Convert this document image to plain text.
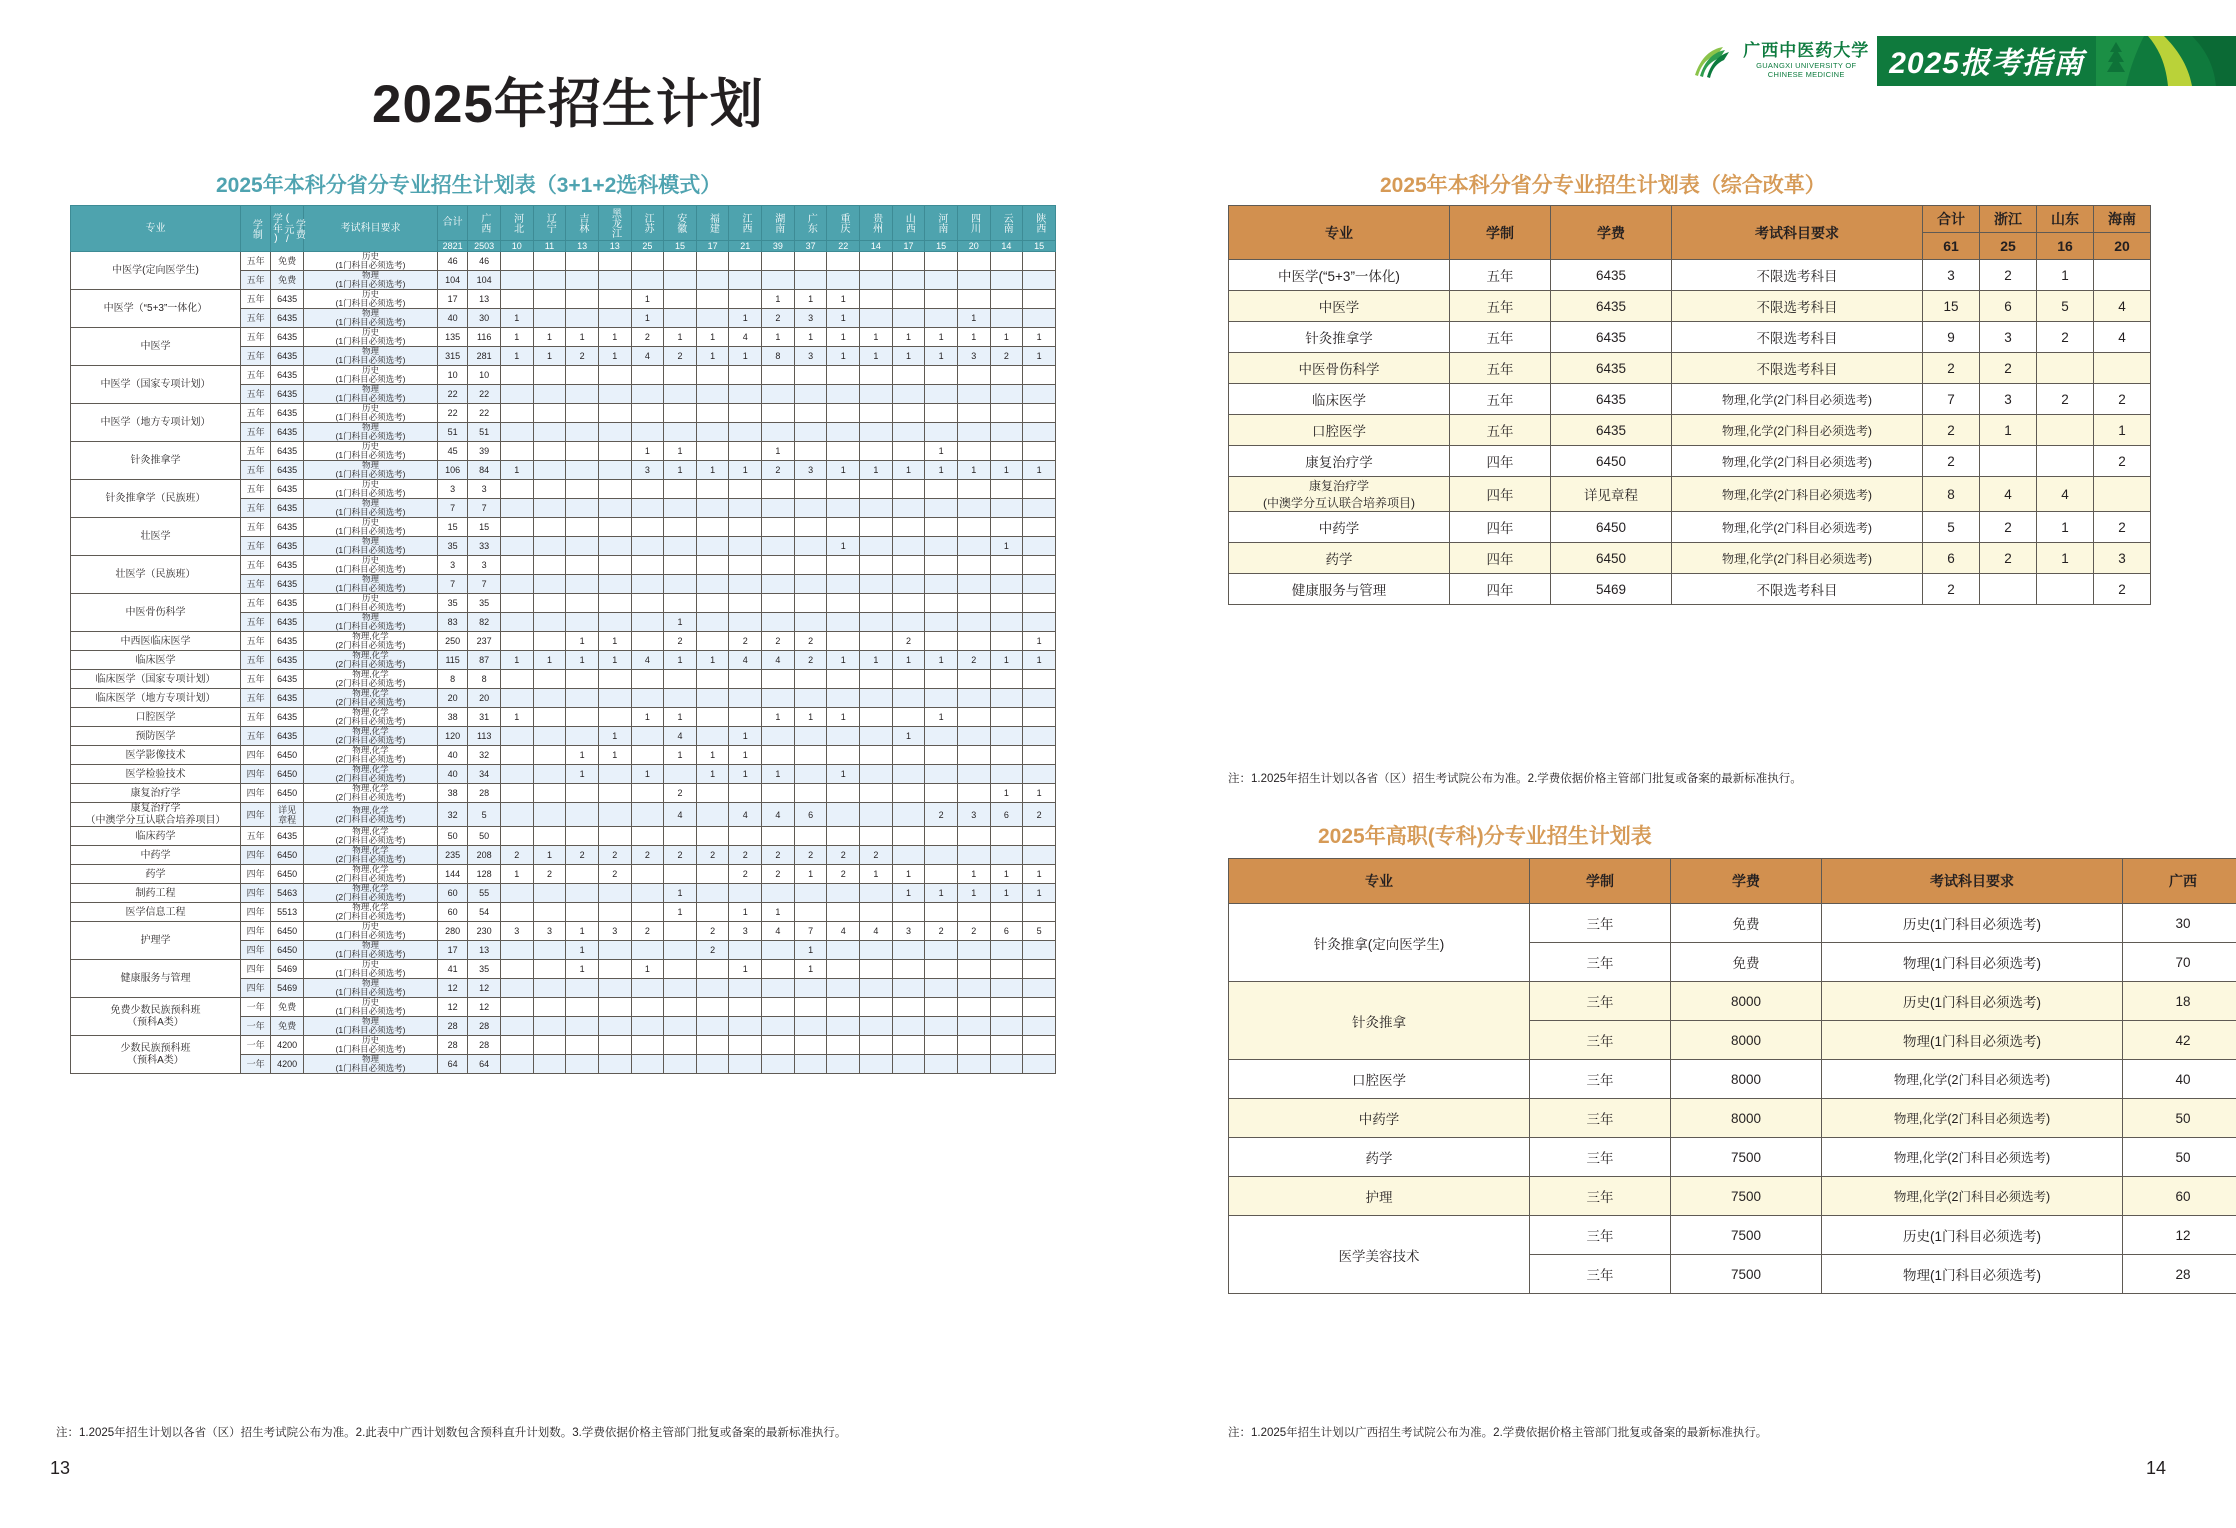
广西中医药大学
GUANGXI UNIVERSITY OF
CHINESE MEDICINE	2025报考指南
2025年招生计划
2025年本科分省分专业招生计划表（3+1+2选科模式）	2025年本科分省分专业招生计划表（综合改革）
2025年高职(专科)分专业招生计划表
专业	学制	学费
(元/
学年)	考试科目要求	合计	广西	河北	辽宁	吉林	黑龙江	江苏	安徽	福建	江西	湖南	广东	重庆	贵州	山西	河南	四川	云南	陕西
				2821	2503	10	11	13	13	25	15	17	21	39	37	22	14	17	15	20	14	15
中医学(定向医学生)	五年	免费	历史
(1门科目必须选考)	46	46																	
	五年	免费	物理
(1门科目必须选考)	104	104																	
中医学（“5+3”一体化）	五年	6435	历史
(1门科目必须选考)	17	13					1				1	1	1						
	五年	6435	物理
(1门科目必须选考)	40	30	1				1			1	2	3	1				1		
中医学	五年	6435	历史
(1门科目必须选考)	135	116	1	1	1	1	2	1	1	4	1	1	1	1	1	1	1	1	1
	五年	6435	物理
(1门科目必须选考)	315	281	1	1	2	1	4	2	1	1	8	3	1	1	1	1	3	2	1
中医学（国家专项计划）	五年	6435	历史
(1门科目必须选考)	10	10																	
	五年	6435	物理
(1门科目必须选考)	22	22																	
中医学（地方专项计划）	五年	6435	历史
(1门科目必须选考)	22	22																	
	五年	6435	物理
(1门科目必须选考)	51	51																	
针灸推拿学	五年	6435	历史
(1门科目必须选考)	45	39					1	1			1					1			
	五年	6435	物理
(1门科目必须选考)	106	84	1				3	1	1	1	2	3	1	1	1	1	1	1	1
针灸推拿学（民族班）	五年	6435	历史
(1门科目必须选考)	3	3																	
	五年	6435	物理
(1门科目必须选考)	7	7																	
壮医学	五年	6435	历史
(1门科目必须选考)	15	15																	
	五年	6435	物理
(1门科目必须选考)	35	33											1					1	
壮医学（民族班）	五年	6435	历史
(1门科目必须选考)	3	3																	
	五年	6435	物理
(1门科目必须选考)	7	7																	
中医骨伤科学	五年	6435	历史
(1门科目必须选考)	35	35																	
	五年	6435	物理
(1门科目必须选考)	83	82						1											
中西医临床医学	五年	6435	物理,化学
(2门科目必须选考)	250	237			1	1		2		2	2	2			2				1
临床医学	五年	6435	物理,化学
(2门科目必须选考)	115	87	1	1	1	1	4	1	1	4	4	2	1	1	1	1	2	1	1
临床医学（国家专项计划）	五年	6435	物理,化学
(2门科目必须选考)	8	8																	
临床医学（地方专项计划）	五年	6435	物理,化学
(2门科目必须选考)	20	20																	
口腔医学	五年	6435	物理,化学
(2门科目必须选考)	38	31	1				1	1			1	1	1			1			
预防医学	五年	6435	物理,化学
(2门科目必须选考)	120	113				1		4		1					1				
医学影像技术	四年	6450	物理,化学
(2门科目必须选考)	40	32			1	1		1	1	1									
医学检验技术	四年	6450	物理,化学
(2门科目必须选考)	40	34			1		1		1	1	1		1						
康复治疗学	四年	6450	物理,化学
(2门科目必须选考)	38	28						2										1	1
康复治疗学
（中澳学分互认联合培养项目）	四年	详见
章程	物理,化学
(2门科目必须选考)	32	5						4		4	4	6				2	3	6	2
临床药学	五年	6435	物理,化学
(2门科目必须选考)	50	50																	
中药学	四年	6450	物理,化学
(2门科目必须选考)	235	208	2	1	2	2	2	2	2	2	2	2	2	2					
药学	四年	6450	物理,化学
(2门科目必须选考)	144	128	1	2		2				2	2	1	2	1	1		1	1	1
制药工程	四年	5463	物理,化学
(2门科目必须选考)	60	55						1							1	1	1	1	1
医学信息工程	四年	5513	物理,化学
(2门科目必须选考)	60	54						1		1	1								
护理学	四年	6450	历史
(1门科目必须选考)	280	230	3	3	1	3	2		2	3	4	7	4	4	3	2	2	6	5
	四年	6450	物理
(1门科目必须选考)	17	13			1				2			1							
健康服务与管理	四年	5469	历史
(1门科目必须选考)	41	35			1		1			1		1							
	四年	5469	物理
(1门科目必须选考)	12	12																	
免费少数民族预科班
（预科A类）	一年	免费	历史
(1门科目必须选考)	12	12																	
	一年	免费	物理
(1门科目必须选考)	28	28																	
少数民族预科班
（预科A类）	一年	4200	历史
(1门科目必须选考)	28	28																	
	一年	4200	物理
(1门科目必须选考)	64	64																	
专业	学制	学费	考试科目要求	合计	浙江	山东	海南
				61	25	16	20
中医学(“5+3”一体化)	五年	6435	不限选考科目	3	2	1	
中医学	五年	6435	不限选考科目	15	6	5	4
针灸推拿学	五年	6435	不限选考科目	9	3	2	4
中医骨伤科学	五年	6435	不限选考科目	2	2		
临床医学	五年	6435	物理,化学(2门科目必须选考)	7	3	2	2
口腔医学	五年	6435	物理,化学(2门科目必须选考)	2	1		1
康复治疗学	四年	6450	物理,化学(2门科目必须选考)	2			2
康复治疗学
(中澳学分互认联合培养项目)	四年	详见章程	物理,化学(2门科目必须选考)	8	4	4	
中药学	四年	6450	物理,化学(2门科目必须选考)	5	2	1	2
药学	四年	6450	物理,化学(2门科目必须选考)	6	2	1	3
健康服务与管理	四年	5469	不限选考科目	2			2
专业	学制	学费	考试科目要求	广西
针灸推拿(定向医学生)	三年	免费	历史(1门科目必须选考)	30
	三年	免费	物理(1门科目必须选考)	70
针灸推拿	三年	8000	历史(1门科目必须选考)	18
	三年	8000	物理(1门科目必须选考)	42
口腔医学	三年	8000	物理,化学(2门科目必须选考)	40
中药学	三年	8000	物理,化学(2门科目必须选考)	50
药学	三年	7500	物理,化学(2门科目必须选考)	50
护理	三年	7500	物理,化学(2门科目必须选考)	60
医学美容技术	三年	7500	历史(1门科目必须选考)	12
	三年	7500	物理(1门科目必须选考)	28
注：1.2025年招生计划以各省（区）招生考试院公布为准。2.此表中广西计划数包含预科直升计划数。3.学费依据价格主管部门批复或备案的最新标准执行。
注：1.2025年招生计划以各省（区）招生考试院公布为准。2.学费依据价格主管部门批复或备案的最新标准执行。
注：1.2025年招生计划以广西招生考试院公布为准。2.学费依据价格主管部门批复或备案的最新标准执行。
13	14
